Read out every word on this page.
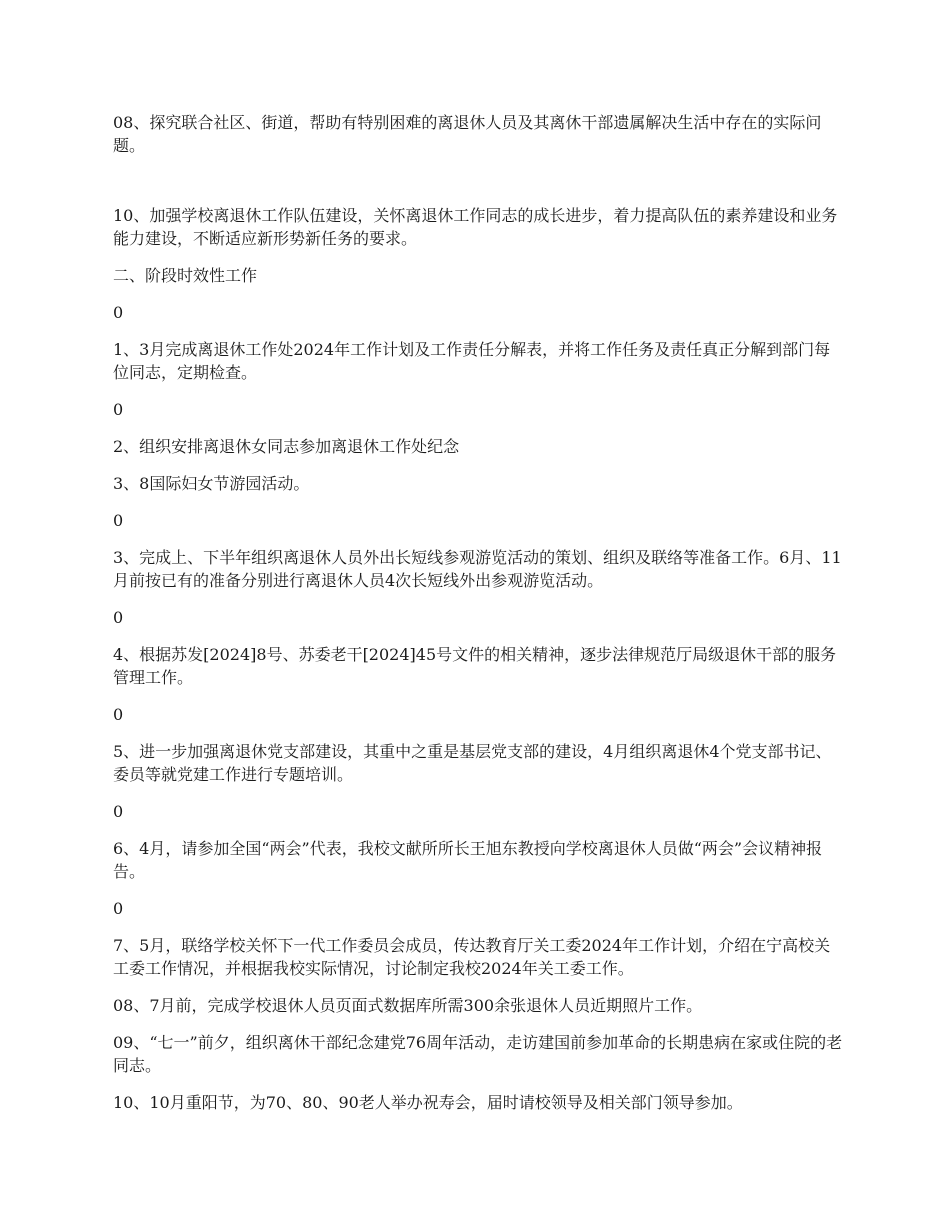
08、探究联合社区、街道，帮助有特别困难的离退休人员及其离休干部遗属解决生活中存在的实际问题。

10、加强学校离退休工作队伍建设，关怀离退休工作同志的成长进步，着力提高队伍的素养建设和业务能力建设，不断适应新形势新任务的要求。

二、阶段时效性工作

0

1、3月完成离退休工作处2024年工作计划及工作责任分解表，并将工作任务及责任真正分解到部门每位同志，定期检查。

0

2、组织安排离退休女同志参加离退休工作处纪念

3、8国际妇女节游园活动。

0

3、完成上、下半年组织离退休人员外出长短线参观游览活动的策划、组织及联络等准备工作。6月、11月前按已有的准备分别进行离退休人员4次长短线外出参观游览活动。

0

4、根据苏发[2024]8号、苏委老干[2024]45号文件的相关精神，逐步法律规范厅局级退休干部的服务管理工作。

0

5、进一步加强离退休党支部建设，其重中之重是基层党支部的建设，4月组织离退休4个党支部书记、委员等就党建工作进行专题培训。

0

6、4月，请参加全国“两会”代表，我校文献所所长王旭东教授向学校离退休人员做“两会”会议精神报告。

0

7、5月，联络学校关怀下一代工作委员会成员，传达教育厅关工委2024年工作计划，介绍在宁高校关工委工作情况，并根据我校实际情况，讨论制定我校2024年关工委工作。

08、7月前，完成学校退休人员页面式数据库所需300余张退休人员近期照片工作。

09、“七一”前夕，组织离休干部纪念建党76周年活动，走访建国前参加革命的长期患病在家或住院的老同志。

10、10月重阳节，为70、80、90老人举办祝寿会，届时请校领导及相关部门领导参加。
